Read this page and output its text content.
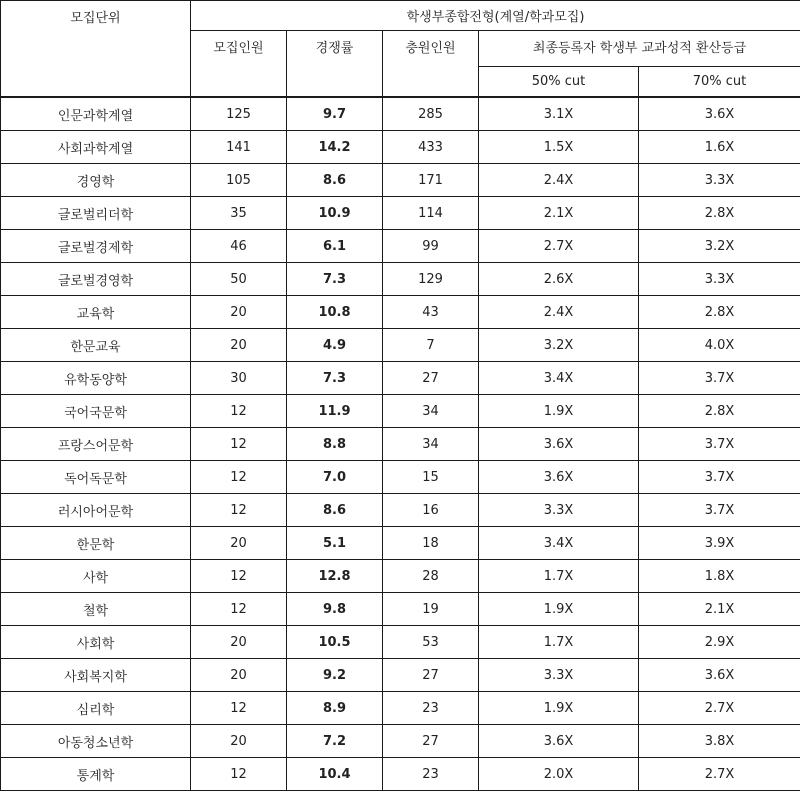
모집단위	학생부종합전형(계열/학과모집)				
	모집인원	경쟁률	충원인원	최종등록자 학생부 교과성적 환산등급	
				50% cut	70% cut
인문과학계열	125	9.7	285	3.1X	3.6X
사회과학계열	141	14.2	433	1.5X	1.6X
경영학	105	8.6	171	2.4X	3.3X
글로벌리더학	35	10.9	114	2.1X	2.8X
글로벌경제학	46	6.1	99	2.7X	3.2X
글로벌경영학	50	7.3	129	2.6X	3.3X
교육학	20	10.8	43	2.4X	2.8X
한문교육	20	4.9	7	3.2X	4.0X
유학동양학	30	7.3	27	3.4X	3.7X
국어국문학	12	11.9	34	1.9X	2.8X
프랑스어문학	12	8.8	34	3.6X	3.7X
독어독문학	12	7.0	15	3.6X	3.7X
러시아어문학	12	8.6	16	3.3X	3.7X
한문학	20	5.1	18	3.4X	3.9X
사학	12	12.8	28	1.7X	1.8X
철학	12	9.8	19	1.9X	2.1X
사회학	20	10.5	53	1.7X	2.9X
사회복지학	20	9.2	27	3.3X	3.6X
심리학	12	8.9	23	1.9X	2.7X
아동청소년학	20	7.2	27	3.6X	3.8X
통계학	12	10.4	23	2.0X	2.7X
